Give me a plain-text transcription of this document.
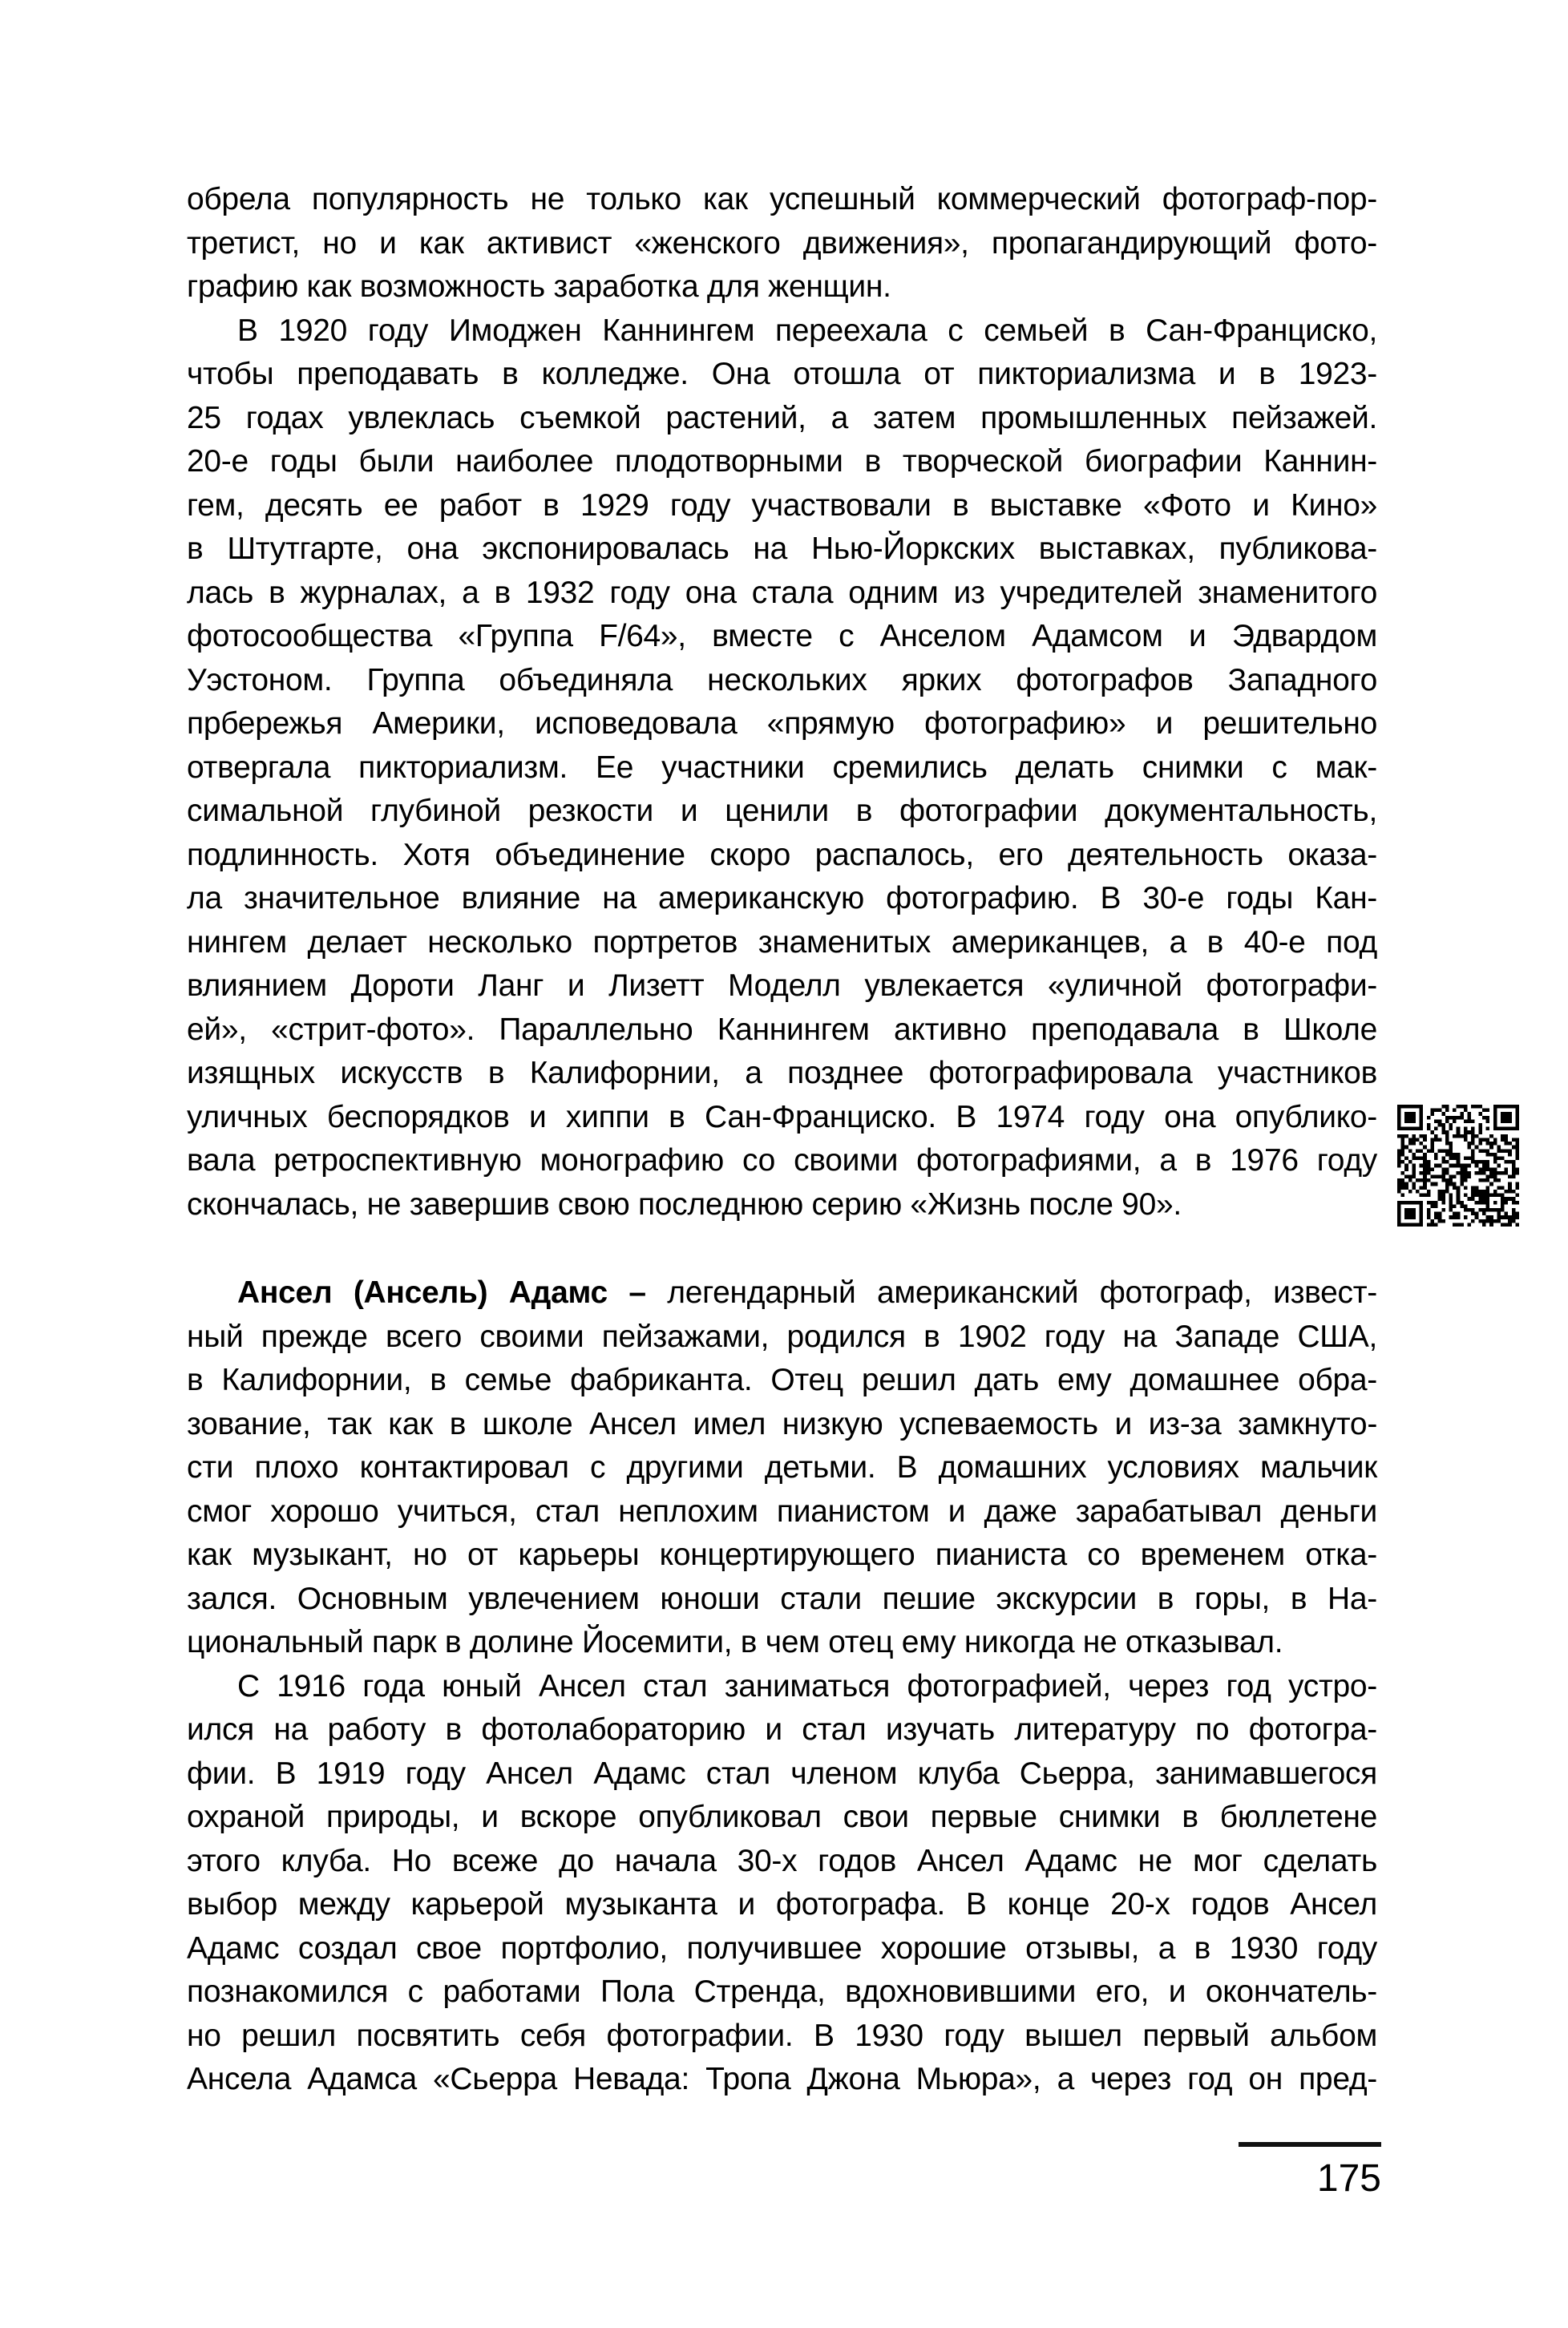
обрела популярность не только как успешный коммерческий фотограф-пор-
третист, но и как активист «женского движения», пропагандирующий фото-
графию как возможность заработка для женщин.
В 1920 году Имоджен Каннингем переехала с семьей в Сан-Франциско,
чтобы преподавать в колледже. Она отошла от пикториализма и в 1923-
25 годах увлеклась съемкой растений, а затем промышленных пейзажей.
20-е годы были наиболее плодотворными в творческой биографии Каннин-
гем, десять ее работ в 1929 году участвовали в выставке «Фото и Кино»
в Штутгарте, она экспонировалась на Нью-Йоркских выставках, публикова-
лась в журналах, а в 1932 году она стала одним из учредителей знаменитого
фотосообщества «Группа F/64», вместе с Анселом Адамсом и Эдвардом
Уэстоном. Группа объединяла нескольких ярких фотографов Западного
прбережья Америки, исповедовала «прямую фотографию» и решительно
отвергала пикториализм. Ее участники сремились делать снимки с мак-
симальной глубиной резкости и ценили в фотографии документальность,
подлинность. Хотя объединение скоро распалось, его деятельность оказа-
ла значительное влияние на американскую фотографию. В 30-е годы Кан-
нингем делает несколько портретов знаменитых американцев, а в 40-е под
влиянием Дороти Ланг и Лизетт Моделл увлекается «уличной фотографи-
ей», «стрит-фото». Параллельно Каннингем активно преподавала в Школе
изящных искусств в Калифорнии, а позднее фотографировала участников
уличных беспорядков и хиппи в Сан-Франциско. В 1974 году она опублико-
вала ретроспективную монографию со своими фотографиями, а в 1976 году
скончалась, не завершив свою последнюю серию «Жизнь после 90».
Ансел (Ансель) Адамс – легендарный американский фотограф, извест-
ный прежде всего своими пейзажами, родился в 1902 году на Западе США,
в Калифорнии, в семье фабриканта. Отец решил дать ему домашнее обра-
зование, так как в школе Ансел имел низкую успеваемость и из-за замкнуто-
сти плохо контактировал с другими детьми. В домашних условиях мальчик
смог хорошо учиться, стал неплохим пианистом и даже зарабатывал деньги
как музыкант, но от карьеры концертирующего пианиста со временем отка-
зался. Основным увлечением юноши стали пешие экскурсии в горы, в На-
циональный парк в долине Йосемити, в чем отец ему никогда не отказывал.
С 1916 года юный Ансел стал заниматься фотографией, через год устро-
ился на работу в фотолабораторию и стал изучать литературу по фотогра-
фии. В 1919 году Ансел Адамс стал членом клуба Сьерра, занимавшегося
охраной природы, и вскоре опубликовал свои первые снимки в бюллетене
этого клуба. Но всеже до начала 30-х годов Ансел Адамс не мог сделать
выбор между карьерой музыканта и фотографа. В конце 20-х годов Ансел
Адамс создал свое портфолио, получившее хорошие отзывы, а в 1930 году
познакомился с работами Пола Стренда, вдохновившими его, и окончатель-
но решил посвятить себя фотографии. В 1930 году вышел первый альбом
Ансела Адамса «Сьерра Невада: Тропа Джона Мьюра», а через год он пред-
175
